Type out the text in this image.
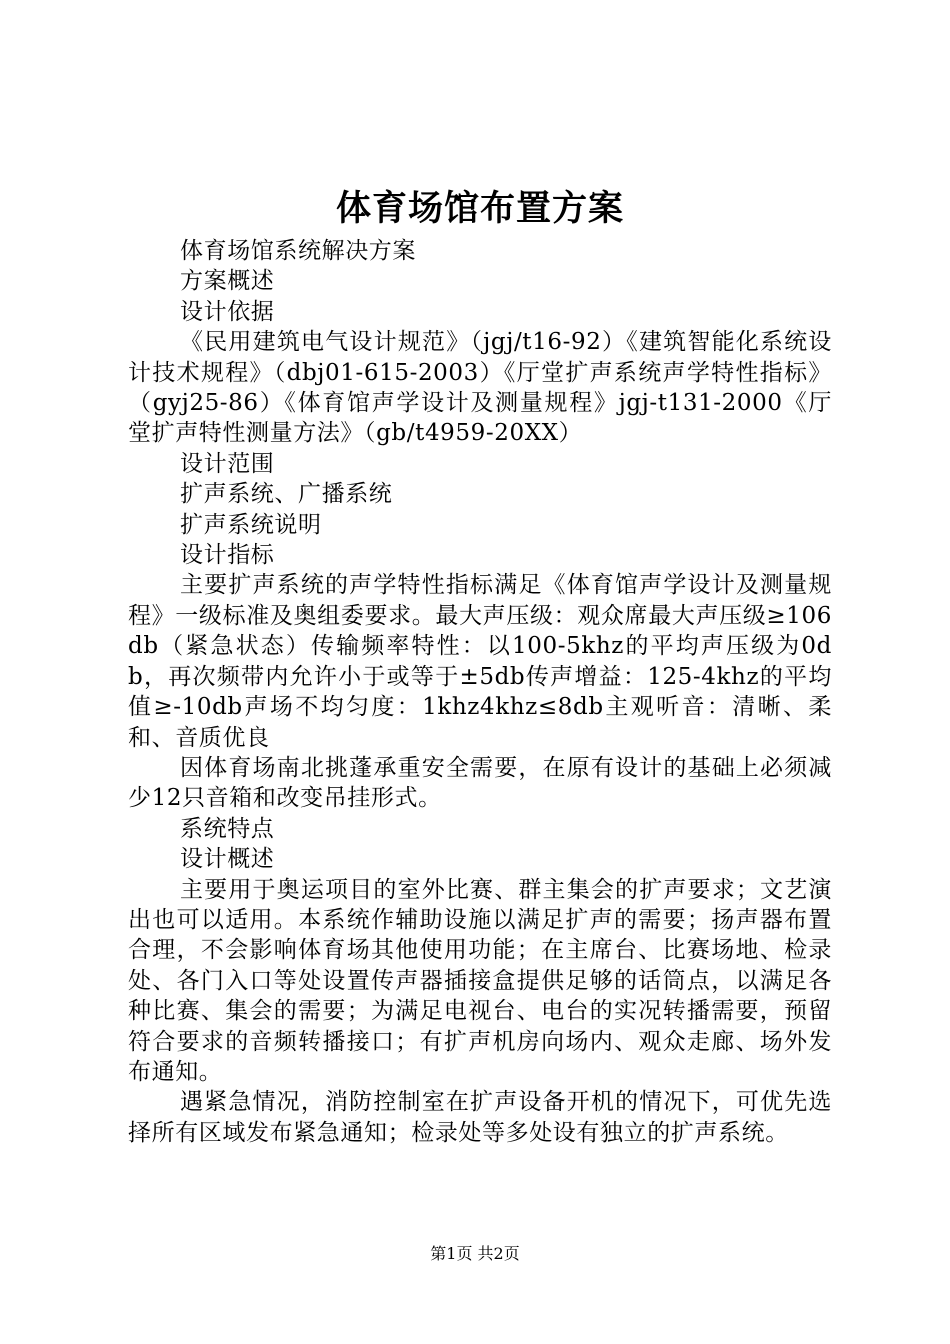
体育场馆布置方案

体育场馆系统解决方案

方案概述

设计依据

《民用建筑电气设计规范》（jgj/t16-92）《建筑智能化系统设计技术规程》（dbj01-615-2003）《厅堂扩声系统声学特性指标》（gyj25-86）《体育馆声学设计及测量规程》jgj-t131-2000《厅堂扩声特性测量方法》（gb/t4959-20XX）

设计范围

扩声系统、广播系统

扩声系统说明

设计指标

主要扩声系统的声学特性指标满足《体育馆声学设计及测量规程》一级标准及奥组委要求。最大声压级：观众席最大声压级≥106db（紧急状态）传输频率特性：以100-5khz的平均声压级为0db，再次频带内允许小于或等于±5db传声增益：125-4khz的平均值≥-10db声场不均匀度：1khz4khz≤8db主观听音：清晰、柔和、音质优良

因体育场南北挑蓬承重安全需要，在原有设计的基础上必须减少12只音箱和改变吊挂形式。

系统特点

设计概述

主要用于奥运项目的室外比赛、群主集会的扩声要求；文艺演出也可以适用。本系统作辅助设施以满足扩声的需要；扬声器布置合理，不会影响体育场其他使用功能；在主席台、比赛场地、检录处、各门入口等处设置传声器插接盒提供足够的话筒点，以满足各种比赛、集会的需要；为满足电视台、电台的实况转播需要，预留符合要求的音频转播接口；有扩声机房向场内、观众走廊、场外发布通知。

遇紧急情况，消防控制室在扩声设备开机的情况下，可优先选择所有区域发布紧急通知；检录处等多处设有独立的扩声系统。

第1页 共2页
